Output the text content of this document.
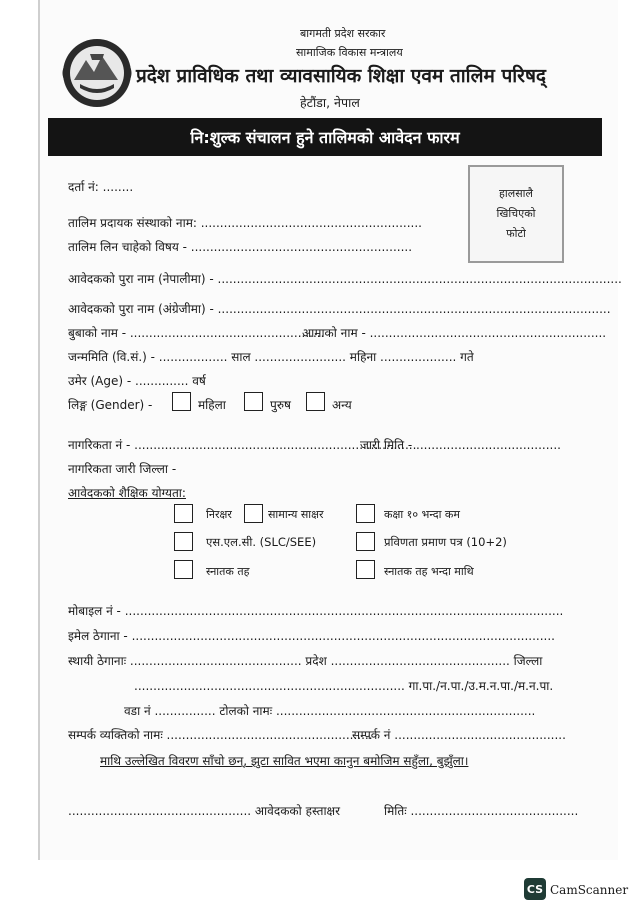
बागमती प्रदेश सरकार
सामाजिक विकास मन्त्रालय
प्रदेश प्राविधिक तथा व्यावसायिक शिक्षा एवम तालिम परिषद्
हेटौंडा, नेपाल
नि:शुल्क संचालन हुने तालिमको आवेदन फारम
हालसालै
खिचिएको
फोटो
दर्ता नं: ........
तालिम प्रदायक संस्थाको नाम: ..........................................................
तालिम लिन चाहेको विषय - ..........................................................
आवेदकको पुरा नाम (नेपालीमा) - ..........................................................................................................
आवेदकको पुरा नाम (अंग्रेजीमा) - .......................................................................................................
बुबाको नाम - ...................................................
आमाको नाम - ..............................................................
जन्ममिति (वि.सं.) - .................. साल ........................ महिना .................... गते
उमेर (Age) - .............. वर्ष
लिङ्ग (Gender) -	महिला	पुरुष	अन्य
नागरिकता नं - ..........................................................................
जारी मिति - ......................................
नागरिकता जारी जिल्ला -
आवेदकको शैक्षिक योग्यता:
निरक्षर	सामान्य साक्षर	कक्षा १० भन्दा कम
एस.एल.सी. (SLC/SEE)	प्रविणता प्रमाण पत्र (10+2)
स्नातक तह	स्नातक तह भन्दा माथि
मोबाइल नं - ...................................................................................................................
इमेल ठेगाना - ...............................................................................................................
स्थायी ठेगानाः ............................................. प्रदेश ............................................... जिल्ला
....................................................................... गा.पा./न.पा./उ.म.न.पा./म.न.पा.
वडा नं ................ टोलको नामः ....................................................................
सम्पर्क व्यक्तिको नामः ......................................................
सम्पर्क नं .............................................
माथि उल्लेखित विवरण साँचो छन्, झुटा सावित भएमा कानुन बमोजिम सहुँला, बुझुँला।
................................................ आवेदकको हस्ताक्षर	मितिः ............................................
CS CamScanner
